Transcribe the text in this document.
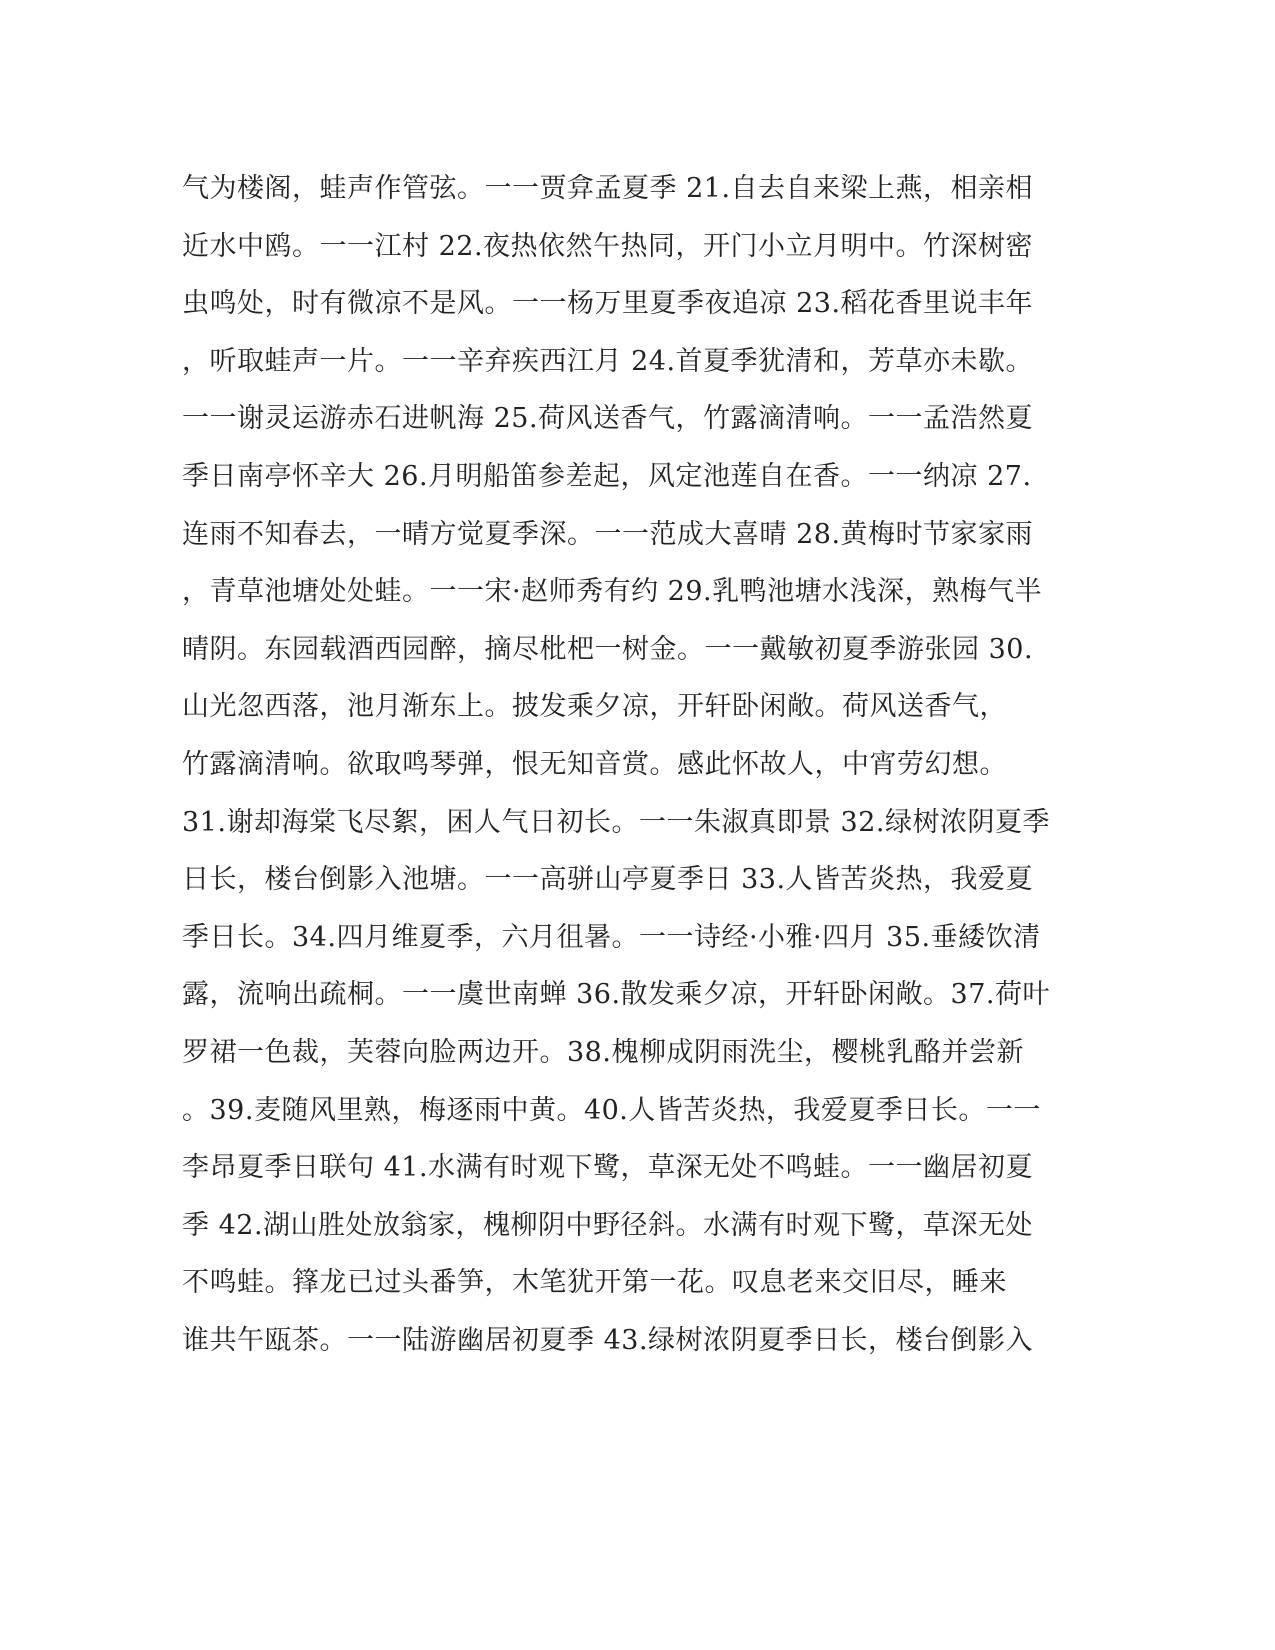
气为楼阁，蛙声作管弦。一一贾弇孟夏季 21.自去自来梁上燕，相亲相
近水中鸥。一一江村 22.夜热依然午热同，开门小立月明中。竹深树密
虫鸣处，时有微凉不是风。一一杨万里夏季夜追凉 23.稻花香里说丰年
，听取蛙声一片。一一辛弃疾西江月 24.首夏季犹清和，芳草亦未歇。
一一谢灵运游赤石进帆海 25.荷风送香气，竹露滴清响。一一孟浩然夏
季日南亭怀辛大 26.月明船笛参差起，风定池莲自在香。一一纳凉 27.
连雨不知春去，一晴方觉夏季深。一一范成大喜晴 28.黄梅时节家家雨
，青草池塘处处蛙。一一宋·赵师秀有约 29.乳鸭池塘水浅深，熟梅气半
晴阴。东园载酒西园醉，摘尽枇杷一树金。一一戴敏初夏季游张园 30.
山光忽西落，池月渐东上。披发乘夕凉，开轩卧闲敞。荷风送香气，
竹露滴清响。欲取鸣琴弹，恨无知音赏。感此怀故人，中宵劳幻想。
31.谢却海棠飞尽絮，困人气日初长。一一朱淑真即景 32.绿树浓阴夏季
日长，楼台倒影入池塘。一一高骈山亭夏季日 33.人皆苦炎热，我爱夏
季日长。34.四月维夏季，六月徂暑。一一诗经·小雅·四月 35.垂緌饮清
露，流响出疏桐。一一虞世南蝉 36.散发乘夕凉，开轩卧闲敞。37.荷叶
罗裙一色裁，芙蓉向脸两边开。38.槐柳成阴雨洗尘，樱桃乳酪并尝新
。39.麦随风里熟，梅逐雨中黄。40.人皆苦炎热，我爱夏季日长。一一
李昂夏季日联句 41.水满有时观下鹭，草深无处不鸣蛙。一一幽居初夏
季 42.湖山胜处放翁家，槐柳阴中野径斜。水满有时观下鹭，草深无处
不鸣蛙。箨龙已过头番笋，木笔犹开第一花。叹息老来交旧尽，睡来
谁共午瓯茶。一一陆游幽居初夏季 43.绿树浓阴夏季日长，楼台倒影入
